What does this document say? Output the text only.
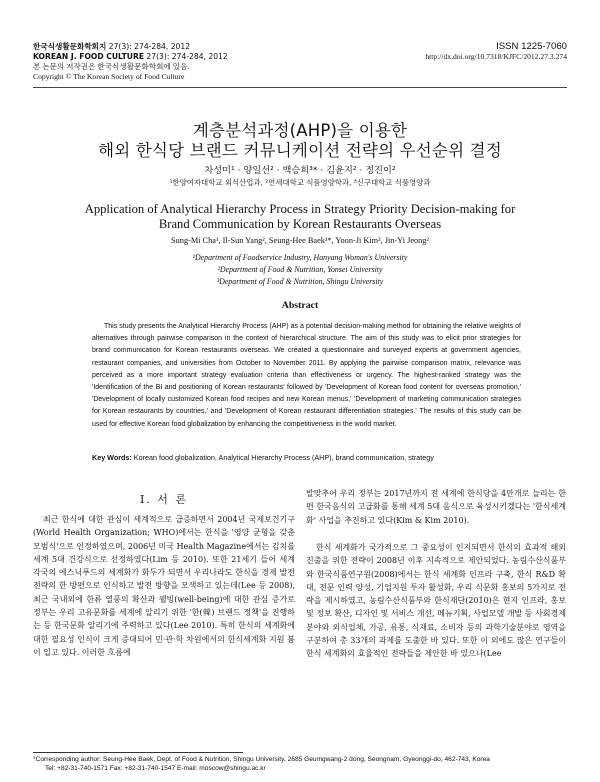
한국식생활문화학회지 27(3): 274-284, 2012
KOREAN J. FOOD CULTURE 27(3): 274-284, 2012
본 논문의 저작권은 한국식생활문화학회에 있음.
Copyright © The Korean Society of Food Culture
ISSN 1225-7060
http://dx.doi.org/10.7318/KJFC/2012.27.3.274
계층분석과정(AHP)을 이용한
해외 한식당 브랜드 커뮤니케이션 전략의 우선순위 결정
차성미¹ · 양일선² · 백승희³* · 김윤지² · 정진이²
¹한양여자대학교 외식산업과, ²연세대학교 식품영양학과, ³신구대학교 식품영양과
Application of Analytical Hierarchy Process in Strategy Priority Decision-making for
Brand Communication by Korean Restaurants Overseas
Sung-Mi Cha¹, Il-Sun Yang², Seung-Hee Baek³*, Yoon-Ji Kim², Jin-Yi Jeong²
¹Department of Foodservice Industry, Hanyang Woman's University
²Department of Food & Nutrition, Yonsei University
³Department of Food & Nutrition, Shingu University
Abstract
This study presents the Analytical Hierarchy Process (AHP) as a potential decision-making method for obtaining the relative weights of alternatives through pairwise comparison in the context of hierarchical structure. The aim of this study was to elicit prior strategies for brand communication for Korean restaurants overseas. We created a questionnaire and surveyed experts at government agencies, restaurant companies, and universities from October to November 2011. By applying the pairwise comparison matrix, relevance was perceived as a more important strategy evaluation criteria than effectiveness or urgency. The highest-ranked strategy was the 'Identification of the BI and positioning of Korean restaurants' followed by 'Development of Korean food content for overseas promotion,' 'Development of locally customized Korean food recipes and new Korean menus,' 'Development of marketing communication strategies for Korean restaurants by countries,' and 'Development of Korean restaurant differentiation strategies.' The results of this study can be used for effective Korean food globalization by enhancing the competitiveness in the world market.
Key Words: Korean food globalization, Analytical Hierarchy Process (AHP), brand communication, strategy
I. 서 론
최근 한식에 대한 관심이 세계적으로 급증하면서 2004년 국제보건기구(World Health Organization; WHO)에서는 한식을 '영양 균형을 갖춘 모범식'으로 인정하였으며, 2006년 미국 Health Magazine에서는 김치를 세계 5대 건강식으로 선정하였다(Lim 등 2010). 또한 21세기 들어 세계 각국의 에스닉푸드의 세계화가 화두가 되면서 우리나라도 한식을 경제 발전 전략의 한 방편으로 인식하고 발전 방향을 모색하고 있는데(Lee 등 2008), 최근 국내외에 한류 열풍의 확산과 웰빙(well-being)에 대한 관심 증가로 정부는 우리 고유문화를 세계에 알리기 위한 '한(韓) 브랜드 정책'을 진행하는 등 한국문화 알리기에 주력하고 있다(Lee 2010). 특히 한식의 세계화에 대한 필요성 인식이 크게 증대되어 민·관·학 차원에서의 한식세계화 지원 붐이 일고 있다. 이러한 흐름에
발맞추어 우리 정부는 2017년까지 전 세계에 한식당을 4만개로 늘리는 한편 한국음식의 고급화를 통해 세계 5대 음식으로 육성시키겠다는 '한식세계화' 사업을 추진하고 있다(Kim & Kim 2010).
한식 세계화가 국가적으로 그 중요성이 인지되면서 한식의 효과적 해외 진출을 위한 전략이 2008년 이후 지속적으로 제안되었다. 농림수산식품부와 한국식품연구원(2008)에서는 한식 세계화 인프라 구축, 한식 R&D 확대, 전문 인력 양성, 기업지원 투자 활성화, 우리 식문화 홍보의 5가지로 전략을 제시하였고, 농림수산식품부와 한식재단(2010)은 현지 인프라, 홍보 및 정보 확산, 디자인 및 서비스 개선, 메뉴기획, 사업모델 개발 등 사회경제분야와 외식업체, 가공, 유통, 식재료, 소비자 등의 과학기술분야로 영역을 구분하여 총 33개의 과제를 도출한 바 있다. 또한 이 외에도 많은 연구들이 한식 세계화의 효율적인 전략들을 제안한 바 있으나(Lee
*Corresponding author: Seung-Hee Baek, Dept. of Food & Nutrition, Shingu University, 2685 Geumgwang-2 dong, Seongnam, Gyeonggi-do, 462-743, Korea
Tel: +82-31-740-1571 Fax: +82-31-740-1547 E-mail: moscow@shingu.ac.kr
